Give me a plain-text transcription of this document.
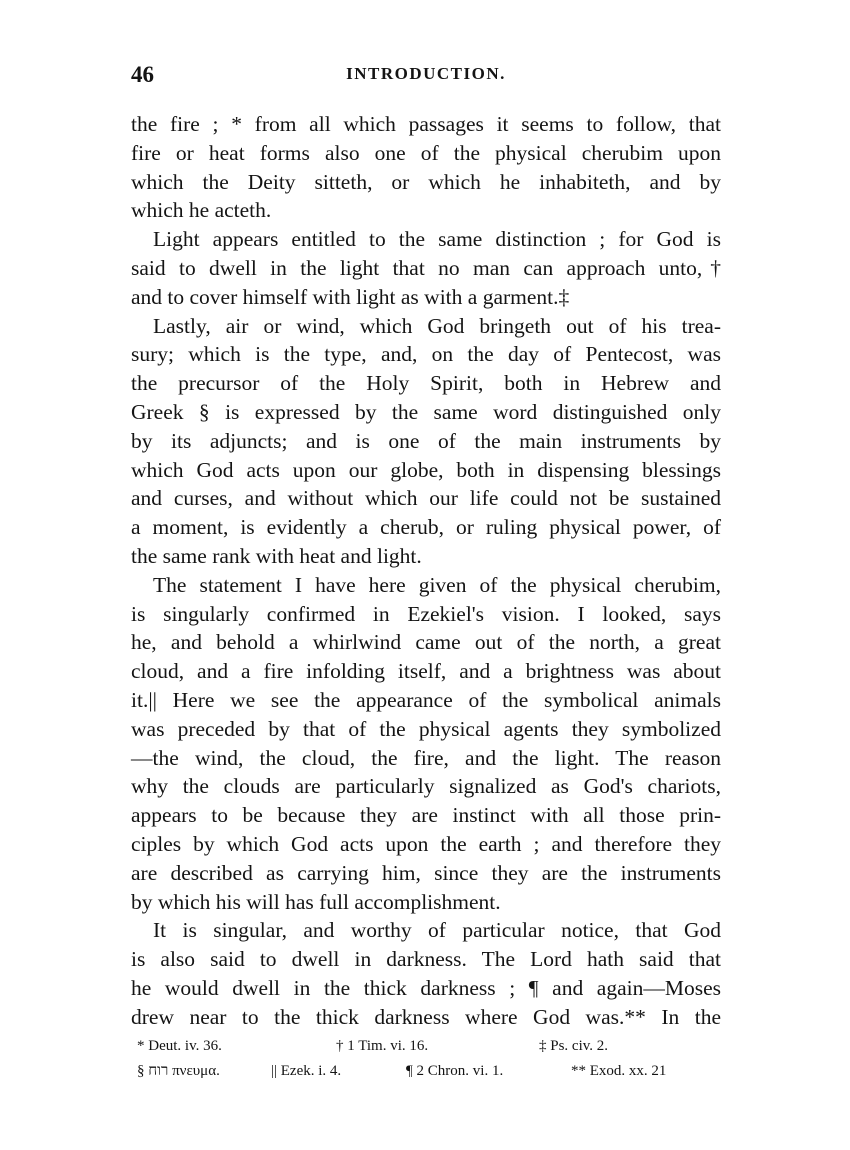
46	INTRODUCTION.
the fire ; * from all which passages it seems to follow, that
fire or heat forms also one of the physical cherubim upon
which the Deity sitteth, or which he inhabiteth, and by
which he acteth.
Light appears entitled to the same distinction ; for God is
said to dwell in the light that no man can approach unto,†
and to cover himself with light as with a garment.‡
Lastly, air or wind, which God bringeth out of his trea-
sury; which is the type, and, on the day of Pentecost, was
the precursor of the Holy Spirit, both in Hebrew and
Greek § is expressed by the same word distinguished only
by its adjuncts; and is one of the main instruments by
which God acts upon our globe, both in dispensing blessings
and curses, and without which our life could not be sustained
a moment, is evidently a cherub, or ruling physical power, of
the same rank with heat and light.
The statement I have here given of the physical cherubim,
is singularly confirmed in Ezekiel's vision. I looked, says
he, and behold a whirlwind came out of the north, a great
cloud, and a fire infolding itself, and a brightness was about
it.|| Here we see the appearance of the symbolical animals
was preceded by that of the physical agents they symbolized
—the wind, the cloud, the fire, and the light. The reason
why the clouds are particularly signalized as God's chariots,
appears to be because they are instinct with all those prin-
ciples by which God acts upon the earth ; and therefore they
are described as carrying him, since they are the instruments
by which his will has full accomplishment.
It is singular, and worthy of particular notice, that God
is also said to dwell in darkness. The Lord hath said that
he would dwell in the thick darkness ; ¶ and again—Moses
drew near to the thick darkness where God was.** In the
* Deut. iv. 36.	† 1 Tim. vi. 16.	‡ Ps. civ. 2.
§ רוח πνευμα.	|| Ezek. i. 4.	¶ 2 Chron. vi. 1.	** Exod. xx. 21
